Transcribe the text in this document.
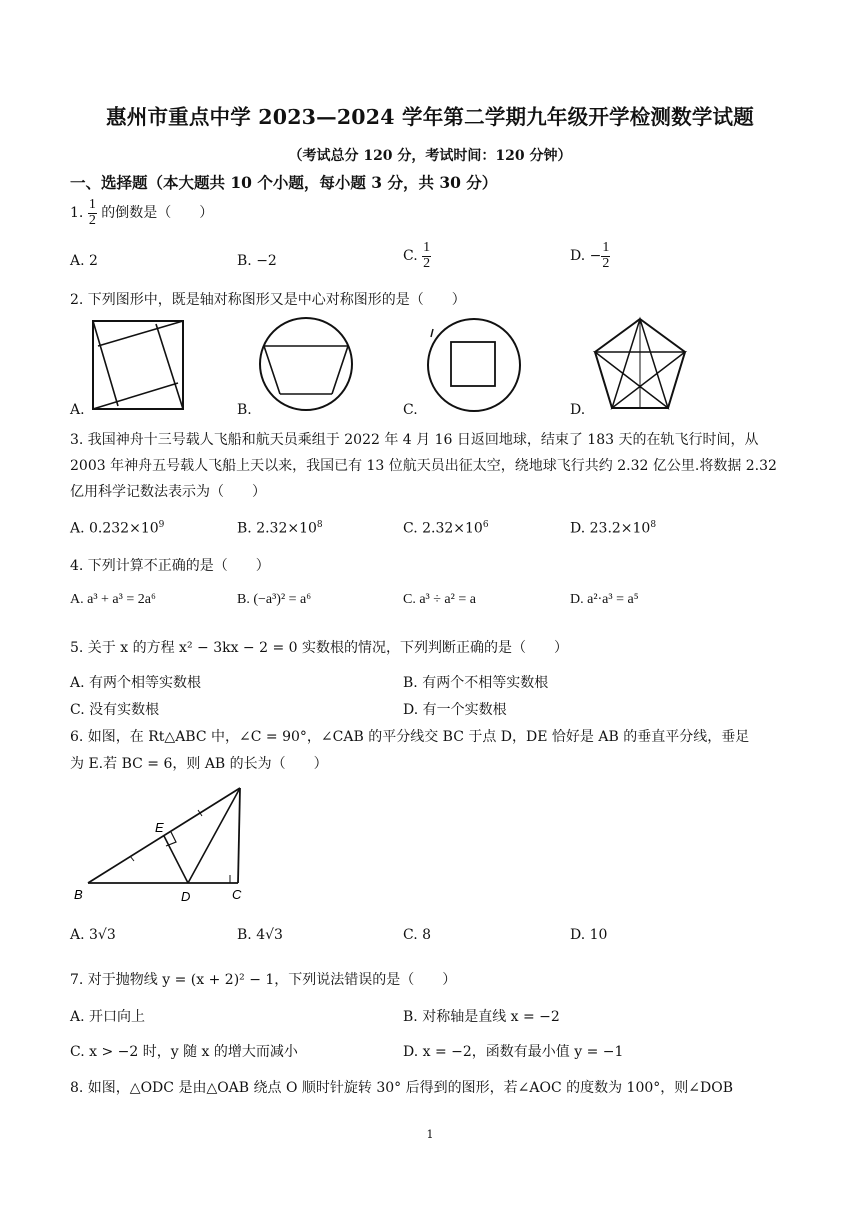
惠州市重点中学 2023—2024 学年第二学期九年级开学检测数学试题
（考试总分 120 分，考试时间：120 分钟）
一、选择题（本大题共 10 个小题，每小题 3 分，共 30 分）
1. $\frac{1}{2}$ 的倒数是（　　）
A. 2	B. −2	C. $\frac{1}{2}$	D. − $\frac{1}{2}$
2. 下列图形中，既是轴对称图形又是中心对称图形的是（　　）
A.	B.	C.	D.
3. 我国神舟十三号载人飞船和航天员乘组于 2022 年 4 月 16 日返回地球，结束了 183 天的在轨飞行时间，从 2003 年神舟五号载人飞船上天以来，我国已有 13 位航天员出征太空，绕地球飞行共约 2.32 亿公里.将数据 2.32 亿用科学记数法表示为（　　）
A. $0.232\times 10^9$	B. $2.32\times 10^8$	C. $2.32\times 10^6$	D. $23.2\times 10^8$
4. 下列计算不正确的是（　　）
A. a³ + a³ = 2a⁶	B. (−a³)² = a⁶	C. a³ ÷ a² = a	D. a²·a³ = a⁵
5. 关于 x 的方程 x² − 3kx − 2 = 0 实数根的情况，下列判断正确的是（　　）
A. 有两个相等实数根	B. 有两个不相等实数根
C. 没有实数根	D. 有一个实数根
6. 如图，在 Rt△ABC 中，∠C = 90°，∠CAB 的平分线交 BC 于点 D，DE 恰好是 AB 的垂直平分线，垂足
为 E.若 BC = 6，则 AB 的长为（　　）
B	D	C
E
A. 3√3	B. 4√3	C. 8	D. 10
7. 对于抛物线 y = (x + 2)² − 1，下列说法错误的是（　　）
A. 开口向上	B. 对称轴是直线 x = −2
C. x > −2 时，y 随 x 的增大而减小	D. x = −2，函数有最小值 y = −1
8. 如图，△ODC 是由△OAB 绕点 O 顺时针旋转 30° 后得到的图形，若∠AOC 的度数为 100°，则∠DOB
1
